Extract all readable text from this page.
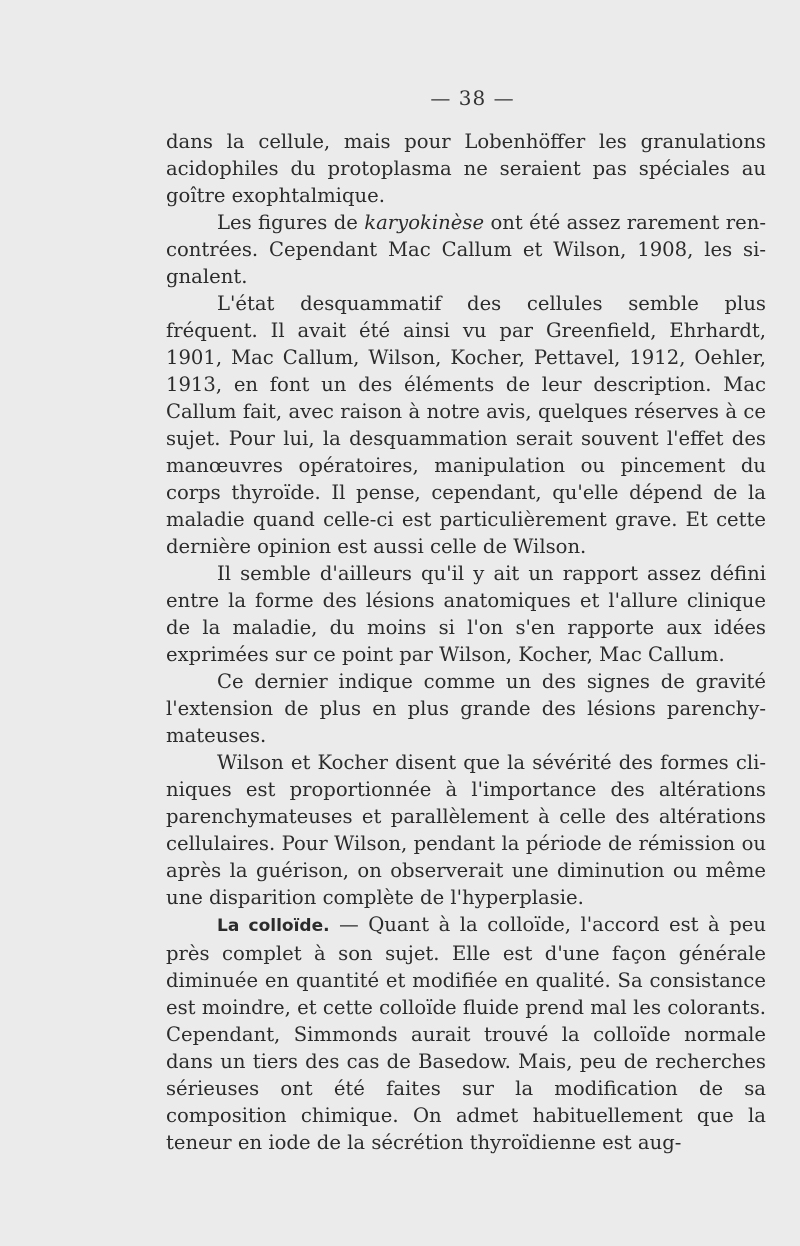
— 38 —

dans la cellule, mais pour Lobenhöffer les granulations acidophiles du protoplasma ne seraient pas spéciales au goître exophtalmique.

Les figures de karyokinèse ont été assez rarement rencontrées. Cependant Mac Callum et Wilson, 1908, les signalent.

L'état desquammatif des cellules semble plus fréquent. Il avait été ainsi vu par Greenfield, Ehrhardt, 1901, Mac Callum, Wilson, Kocher, Pettavel, 1912, Oehler, 1913, en font un des éléments de leur description. Mac Callum fait, avec raison à notre avis, quelques réserves à ce sujet. Pour lui, la desquammation serait souvent l'effet des manœuvres opératoires, manipulation ou pincement du corps thyroïde. Il pense, cependant, qu'elle dépend de la maladie quand celle-ci est particulièrement grave. Et cette dernière opinion est aussi celle de Wilson.

Il semble d'ailleurs qu'il y ait un rapport assez défini entre la forme des lésions anatomiques et l'allure clinique de la maladie, du moins si l'on s'en rapporte aux idées exprimées sur ce point par Wilson, Kocher, Mac Callum.

Ce dernier indique comme un des signes de gravité l'extension de plus en plus grande des lésions parenchymateuses.

Wilson et Kocher disent que la sévérité des formes cliniques est proportionnée à l'importance des altérations parenchymateuses et parallèlement à celle des altérations cellulaires. Pour Wilson, pendant la période de rémission ou après la guérison, on observerait une diminution ou même une disparition complète de l'hyperplasie.

La colloïde. — Quant à la colloïde, l'accord est à peu près complet à son sujet. Elle est d'une façon générale diminuée en quantité et modifiée en qualité. Sa consistance est moindre, et cette colloïde fluide prend mal les colorants. Cependant, Simmonds aurait trouvé la colloïde normale dans un tiers des cas de Basedow. Mais, peu de recherches sérieuses ont été faites sur la modification de sa composition chimique. On admet habituellement que la teneur en iode de la sécrétion thyroïdienne est aug-
